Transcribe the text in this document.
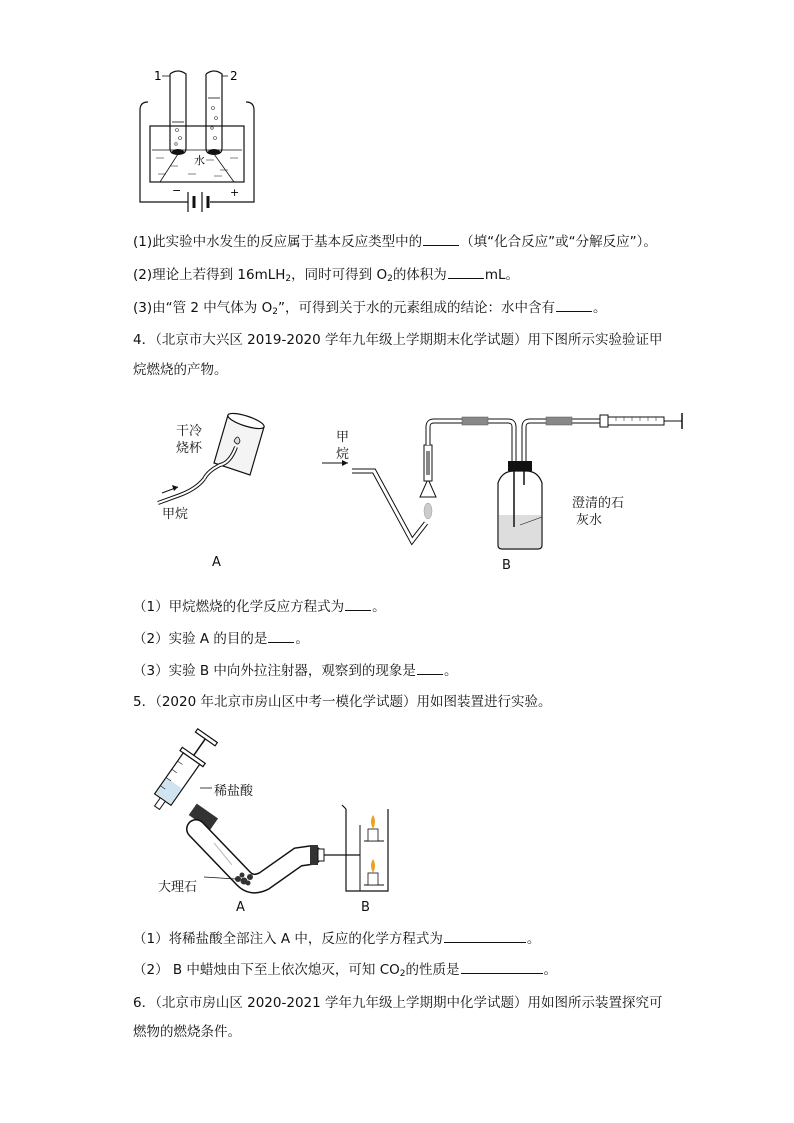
−	+
水
1	2
(1)此实验中水发生的反应属于基本反应类型中的	（填“化合反应”或“分解反应”）。
(2)理论上若得到 16mLH$_2$，同时可得到 $O_2$的体积为	mL。
(3)由“管 2 中气体为 $O_2$”，可得到关于水的元素组成的结论：水中含有	。
4．（北京市大兴区 2019-2020 学年九年级上学期期末化学试题）用下图所示实验验证甲
烷燃烧的产物。
干冷
烧杯
甲烷
A
甲
烷
澄清的石
灰水
B
（1）甲烷燃烧的化学反应方程式为 。
（2）实验 A 的目的是 。
（3）实验 B 中向外拉注射器，观察到的现象是 。
5．（2020 年北京市房山区中考一模化学试题）用如图装置进行实验。
稀盐酸
大理石
A	B
（1）将稀盐酸全部注入 A 中，反应的化学方程式为	。
（2） B 中蜡烛由下至上依次熄灭，可知 $CO_2$的性质是	。
6．（北京市房山区 2020-2021 学年九年级上学期期中化学试题）用如图所示装置探究可
燃物的燃烧条件。
